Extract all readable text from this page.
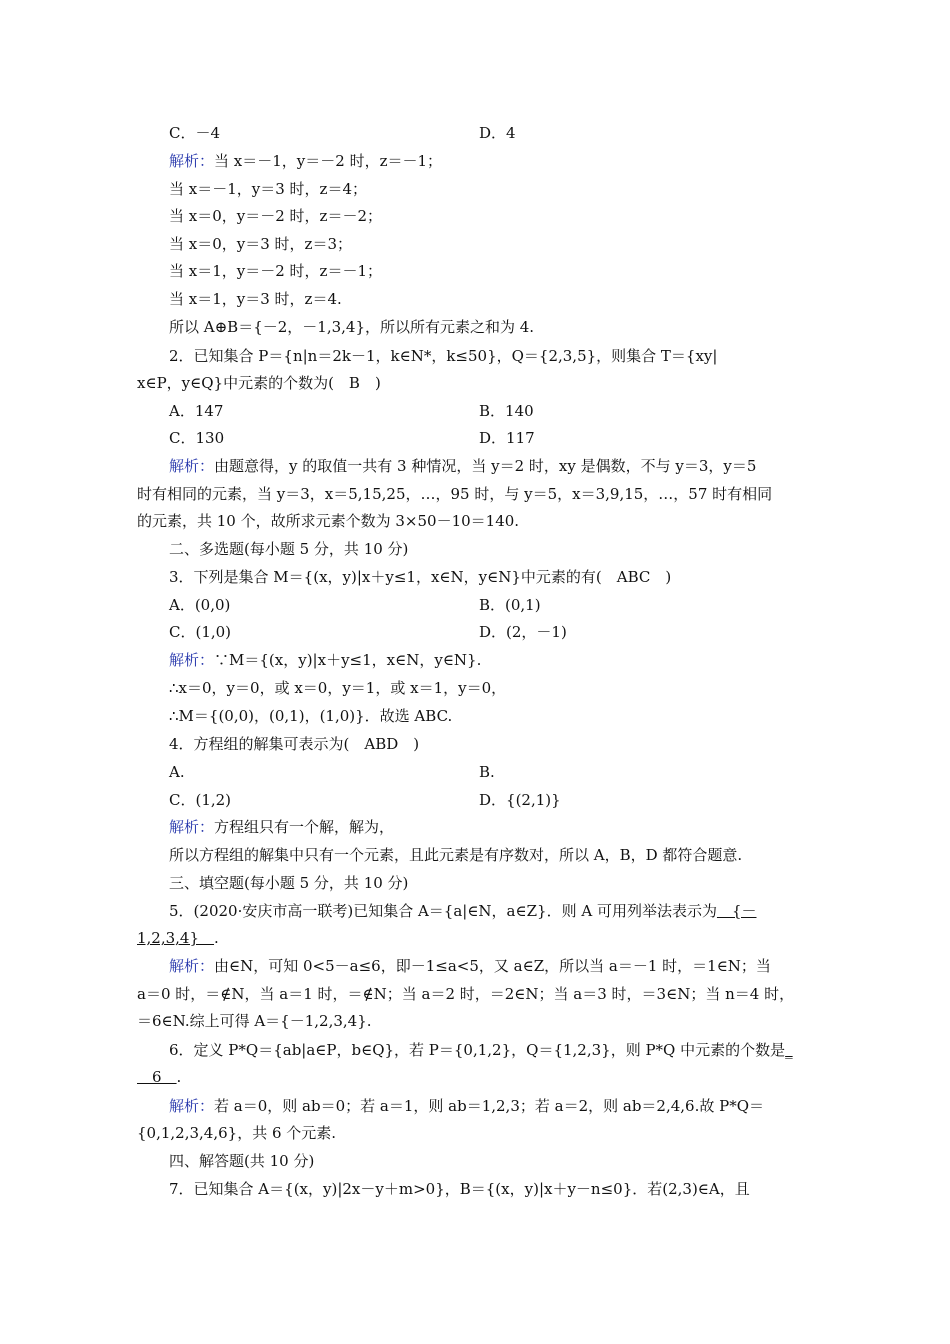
C．－4	D．4
解析：当 x＝－1，y＝－2 时，z＝－1；
当 x＝－1，y＝3 时，z＝4；
当 x＝0，y＝－2 时，z＝－2；
当 x＝0，y＝3 时，z＝3；
当 x＝1，y＝－2 时，z＝－1；
当 x＝1，y＝3 时，z＝4.
所以 A⊕B＝{－2，－1,3,4}，所以所有元素之和为 4.
2．已知集合 P＝{n|n＝2k－1，k∈N*，k≤50}，Q＝{2,3,5}，则集合 T＝{xy|
x∈P，y∈Q}中元素的个数为(　B　)
A．147	B．140
C．130	D．117
解析：由题意得，y 的取值一共有 3 种情况，当 y＝2 时，xy 是偶数，不与 y＝3，y＝5
时有相同的元素，当 y＝3，x＝5,15,25，…，95 时，与 y＝5，x＝3,9,15，…，57 时有相同
的元素，共 10 个，故所求元素个数为 3×50－10＝140.
二、多选题(每小题 5 分，共 10 分)
3．下列是集合 M＝{(x，y)|x＋y≤1，x∈N，y∈N}中元素的有(　ABC　)
A．(0,0)	B．(0,1)
C．(1,0)	D．(2，－1)
解析：∵M＝{(x，y)|x＋y≤1，x∈N，y∈N}.
∴x＝0，y＝0，或 x＝0，y＝1，或 x＝1，y＝0，
∴M＝{(0,0)，(0,1)，(1,0)}．故选 ABC.
4．方程组的解集可表示为(　ABD　)
A.	B.
C．(1,2)	D．{(2,1)}
解析：方程组只有一个解，解为，
所以方程组的解集中只有一个元素，且此元素是有序数对，所以 A，B，D 都符合题意.
三、填空题(每小题 5 分，共 10 分)
5．(2020·安庆市高一联考)已知集合 A＝{a|∈N，a∈Z}．则 A 可用列举法表示为　{－
1,2,3,4}　.
解析：由∈N，可知 0<5－a≤6，即－1≤a<5，又 a∈Z，所以当 a＝－1 时，＝1∈N；当
a＝0 时，＝∉N，当 a＝1 时，＝∉N；当 a＝2 时，＝2∈N；当 a＝3 时，＝3∈N；当 n＝4 时，
＝6∈N.综上可得 A＝{－1,2,3,4}.
6．定义 P*Q＝{ab|a∈P，b∈Q}，若 P＝{0,1,2}，Q＝{1,2,3}，则 P*Q 中元素的个数是_
　6　.
解析：若 a＝0，则 ab＝0；若 a＝1，则 ab＝1,2,3；若 a＝2，则 ab＝2,4,6.故 P*Q＝
{0,1,2,3,4,6}，共 6 个元素.
四、解答题(共 10 分)
7．已知集合 A＝{(x，y)|2x－y＋m>0}，B＝{(x，y)|x＋y－n≤0}．若(2,3)∈A，且
